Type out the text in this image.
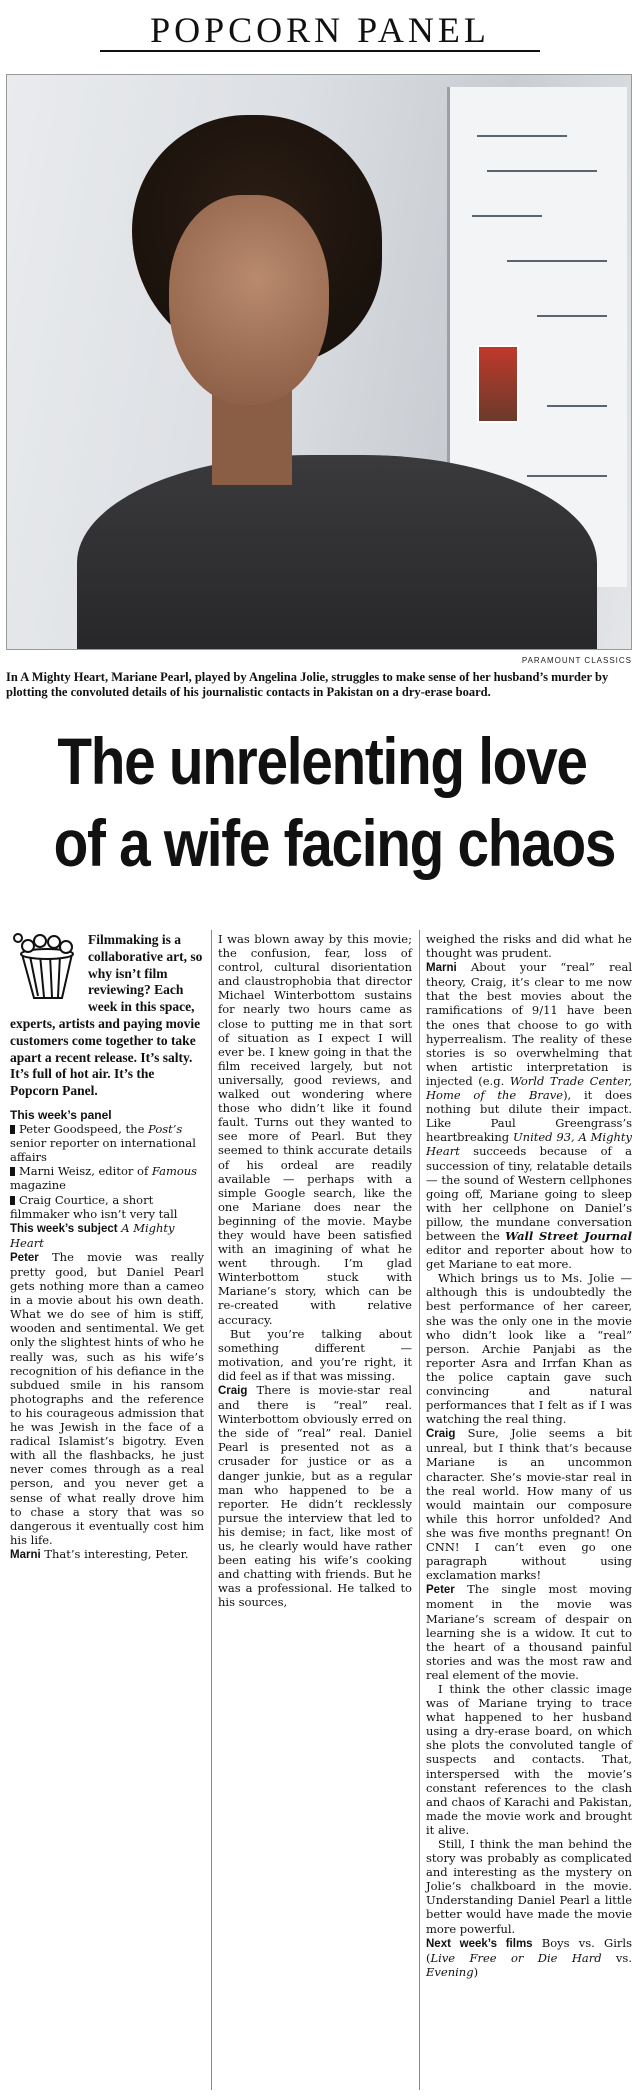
POPCORN PANEL
PARAMOUNT CLASSICS
In A Mighty Heart, Mariane Pearl, played by Angelina Jolie, struggles to make sense of her husband’s murder by plotting the convoluted details of his journalistic contacts in Pakistan on a dry-erase board.
The unrelenting love
of a wife facing chaos
Filmmaking is a collaborative art, so why isn’t film reviewing? Each week in this space, experts, artists and paying movie customers come together to take apart a recent release. It’s salty. It’s full of hot air. It’s the Popcorn Panel.
This week’s panel
Peter Goodspeed, the Post’s senior reporter on international affairs
Marni Weisz, editor of Famous magazine
Craig Courtice, a short filmmaker who isn’t very tall
This week’s subject A Mighty Heart
Peter The movie was really pretty good, but Daniel Pearl gets nothing more than a cameo in a movie about his own death. What we do see of him is stiff, wooden and sentimental. We get only the slightest hints of who he really was, such as his wife’s recognition of his defiance in the subdued smile in his ransom photographs and the reference to his courageous admission that he was Jewish in the face of a radical Islamist’s bigotry. Even with all the flashbacks, he just never comes through as a real person, and you never get a sense of what really drove him to chase a story that was so dangerous it eventually cost him his life.
Marni That’s interesting, Peter.
I was blown away by this movie; the confusion, fear, loss of control, cultural disorientation and claustrophobia that director Michael Winterbottom sustains for nearly two hours came as close to putting me in that sort of situation as I expect I will ever be. I knew going in that the film received largely, but not universally, good reviews, and walked out wondering where those who didn’t like it found fault. Turns out they wanted to see more of Pearl. But they seemed to think accurate details of his ordeal are readily available — perhaps with a simple Google search, like the one Mariane does near the beginning of the movie. Maybe they would have been satisfied with an imagining of what he went through. I’m glad Winterbottom stuck with Mariane’s story, which can be re-created with relative accuracy.
But you’re talking about something different — motivation, and you’re right, it did feel as if that was missing.
Craig There is movie-star real and there is “real” real. Winterbottom obviously erred on the side of “real” real. Daniel Pearl is presented not as a crusader for justice or as a danger junkie, but as a regular man who happened to be a reporter. He didn’t recklessly pursue the interview that led to his demise; in fact, like most of us, he clearly would have rather been eating his wife’s cooking and chatting with friends. But he was a professional. He talked to his sources,
weighed the risks and did what he thought was prudent.
Marni About your “real” real theory, Craig, it’s clear to me now that the best movies about the ramifications of 9/11 have been the ones that choose to go with hyperrealism. The reality of these stories is so overwhelming that when artistic interpretation is injected (e.g. World Trade Center, Home of the Brave), it does nothing but dilute their impact. Like Paul Greengrass’s heartbreaking United 93, A Mighty Heart succeeds because of a succession of tiny, relatable details — the sound of Western cellphones going off, Mariane going to sleep with her cellphone on Daniel’s pillow, the mundane conversation between the Wall Street Journal editor and reporter about how to get Mariane to eat more.
Which brings us to Ms. Jolie — although this is undoubtedly the best performance of her career, she was the only one in the movie who didn’t look like a “real” person. Archie Panjabi as the reporter Asra and Irrfan Khan as the police captain gave such convincing and natural performances that I felt as if I was watching the real thing.
Craig Sure, Jolie seems a bit unreal, but I think that’s because Mariane is an uncommon character. She’s movie-star real in the real world. How many of us would maintain our composure while this horror unfolded? And she was five months pregnant! On CNN! I can’t even go one paragraph without using exclamation marks!
Peter The single most moving moment in the movie was Mariane’s scream of despair on learning she is a widow. It cut to the heart of a thousand painful stories and was the most raw and real element of the movie.
I think the other classic image was of Mariane trying to trace what happened to her husband using a dry-erase board, on which she plots the convoluted tangle of suspects and contacts. That, interspersed with the movie’s constant references to the clash and chaos of Karachi and Pakistan, made the movie work and brought it alive.
Still, I think the man behind the story was probably as complicated and interesting as the mystery on Jolie’s chalkboard in the movie. Understanding Daniel Pearl a little better would have made the movie more powerful.
Next week’s films Boys vs. Girls (Live Free or Die Hard vs. Evening)
